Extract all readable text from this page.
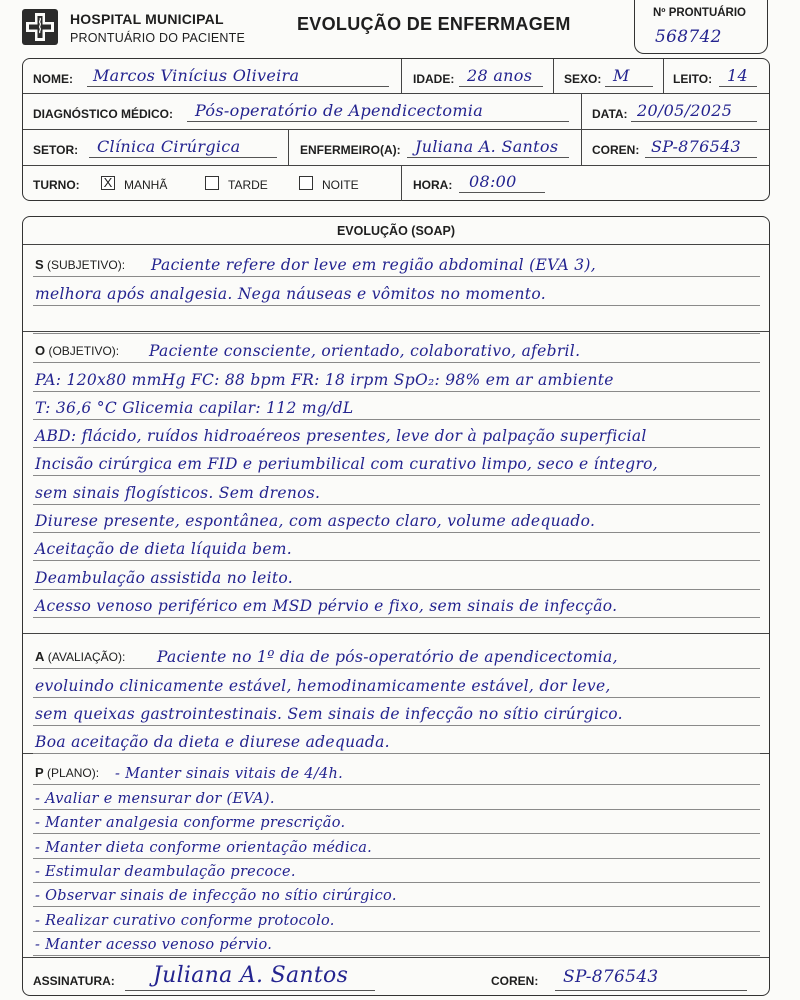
HOSPITAL MUNICIPAL
PRONTUÁRIO DO PACIENTE
EVOLUÇÃO DE ENFERMAGEM
Nº PRONTUÁRIO
568742
NOME: Marcos Vinícius Oliveira	IDADE: 28 anos	SEXO: M	LEITO: 14
DIAGNÓSTICO MÉDICO: Pós-operatório de Apendicectomia	DATA: 20/05/2025
SETOR: Clínica Cirúrgica	ENFERMEIRO(A): Juliana A. Santos	COREN: SP-876543
TURNO: X MANHÃ	TARDE	NOITE	HORA: 08:00
EVOLUÇÃO (SOAP)
S (SUBJETIVO): Paciente refere dor leve em região abdominal (EVA 3),
melhora após analgesia. Nega náuseas e vômitos no momento.
O (OBJETIVO): Paciente consciente, orientado, colaborativo, afebril.
PA: 120x80 mmHg FC: 88 bpm FR: 18 irpm SpO₂: 98% em ar ambiente
T: 36,6 °C Glicemia capilar: 112 mg/dL
ABD: flácido, ruídos hidroaéreos presentes, leve dor à palpação superficial
Incisão cirúrgica em FID e periumbilical com curativo limpo, seco e íntegro,
sem sinais flogísticos. Sem drenos.
Diurese presente, espontânea, com aspecto claro, volume adequado.
Aceitação de dieta líquida bem.
Deambulação assistida no leito.
Acesso venoso periférico em MSD pérvio e fixo, sem sinais de infecção.
A (AVALIAÇÃO): Paciente no 1º dia de pós-operatório de apendicectomia,
evoluindo clinicamente estável, hemodinamicamente estável, dor leve,
sem queixas gastrointestinais. Sem sinais de infecção no sítio cirúrgico.
Boa aceitação da dieta e diurese adequada.
P (PLANO): - Manter sinais vitais de 4/4h.
- Avaliar e mensurar dor (EVA).
- Manter analgesia conforme prescrição.
- Manter dieta conforme orientação médica.
- Estimular deambulação precoce.
- Observar sinais de infecção no sítio cirúrgico.
- Realizar curativo conforme protocolo.
- Manter acesso venoso pérvio.
ASSINATURA: Juliana A. Santos	COREN: SP-876543
